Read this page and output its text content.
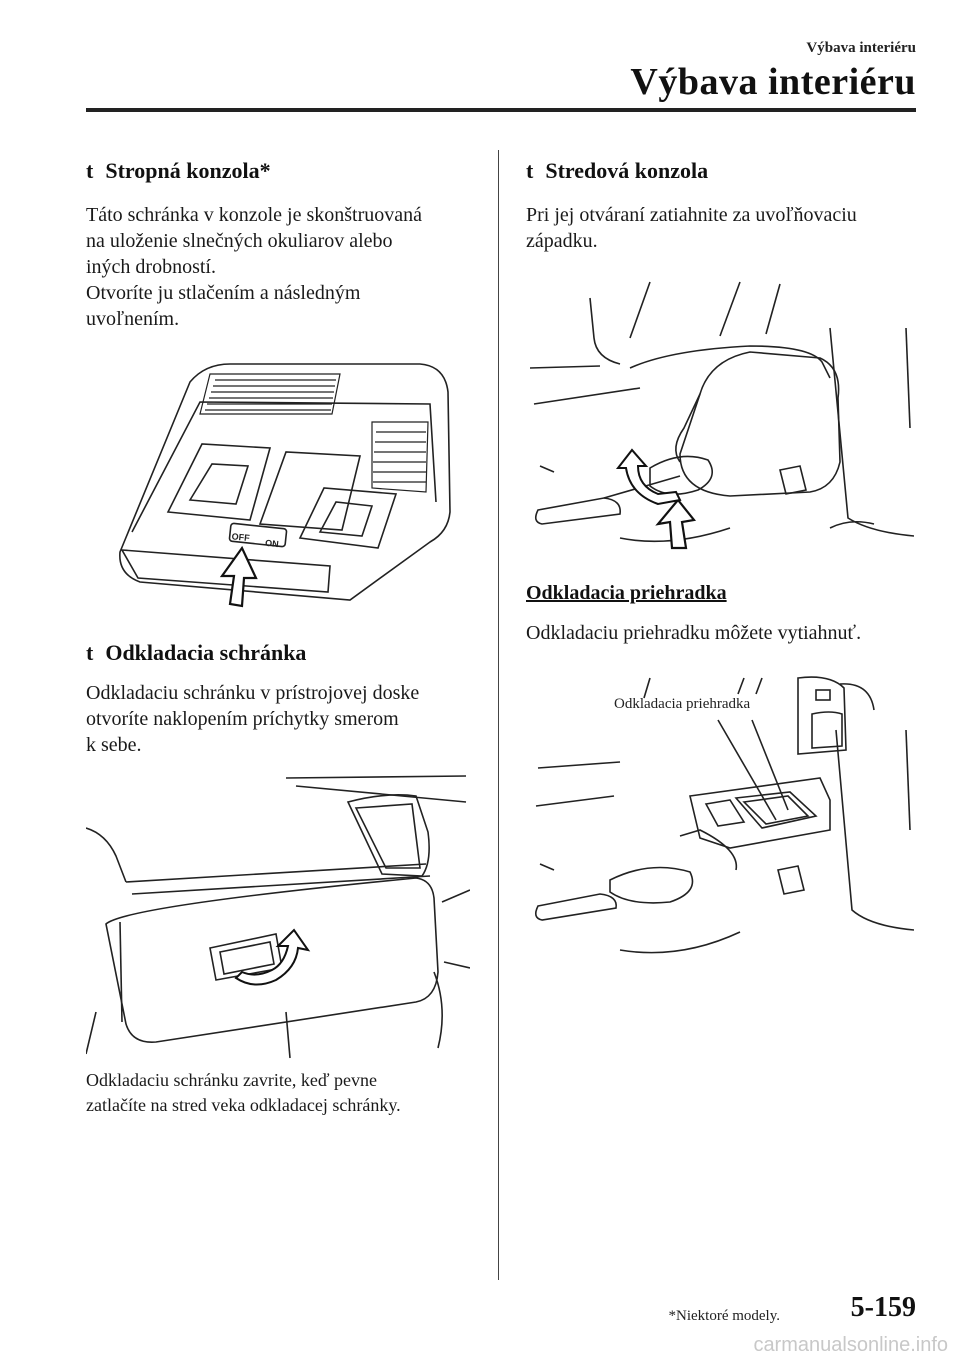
Výbava interiéru
Výbava interiéru
t Stropná konzola*
Táto schránka v konzole je skonštruovaná
na uloženie slnečných okuliarov alebo
iných drobností.
Otvoríte ju stlačením a následným
uvoľnením.
OFF
ON
t Odkladacia schránka
Odkladaciu schránku v prístrojovej doske
otvoríte naklopením príchytky smerom
k sebe.
Odkladaciu schránku zavrite, keď pevne
zatlačíte na stred veka odkladacej schránky.
t Stredová konzola
Pri jej otváraní zatiahnite za uvoľňovaciu
západku.
Odkladacia priehradka
Odkladaciu priehradku môžete vytiahnuť.
Odkladacia priehradka
*Niektoré modely.	5-159
carmanualsonline.info
